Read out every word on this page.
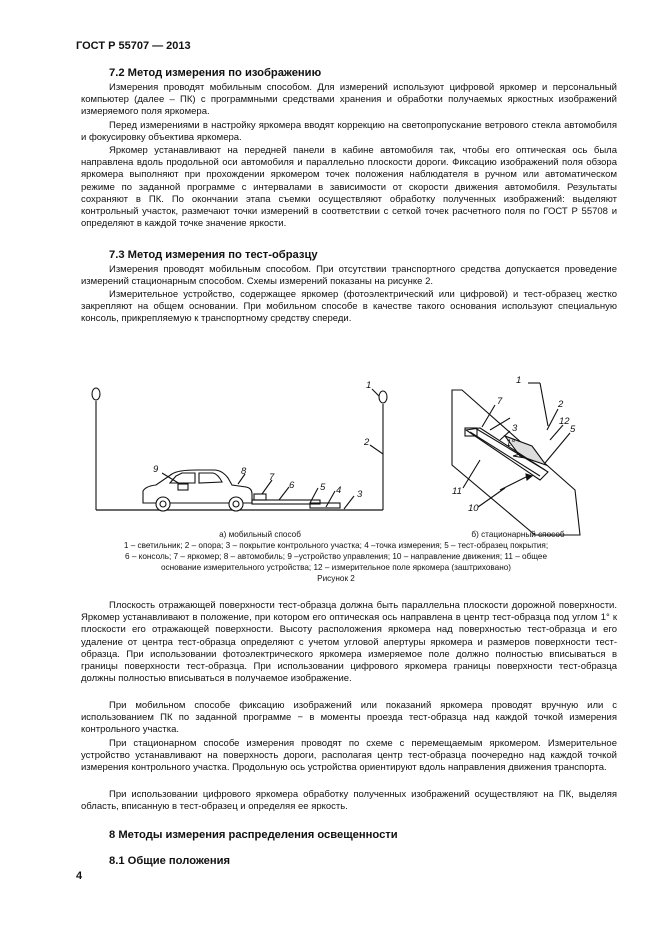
ГОСТ Р 55707 — 2013
7.2 Метод измерения по изображению

Измерения проводят мобильным способом. Для измерений используют цифровой яркомер и персональный компьютер (далее – ПК) с программными средствами хранения и обработки получаемых яркостных изображений измеряемого поля яркомера.

Перед измерениями в настройку яркомера вводят коррекцию на светопропускание ветрового стекла автомобиля и фокусировку объектива яркомера.

Яркомер устанавливают на передней панели в кабине автомобиля так, чтобы его оптическая ось была направлена вдоль продольной оси автомобиля и параллельно плоскости дороги. Фиксацию изображений поля обзора яркомера выполняют при прохождении яркомером точек положения наблюдателя в ручном или автоматическом режиме по заданной программе с интервалами в зависимости от скорости движения автомобиля. Результаты сохраняют в ПК. По окончании этапа съемки осуществляют обработку полученных изображений: выделяют контрольный участок, размечают точки измерений в соответствии с сеткой точек расчетного поля по ГОСТ Р 55708 и определяют в каждой точке значение яркости.

7.3 Метод измерения по тест-образцу

Измерения проводят мобильным способом. При отсутствии транспортного средства допускается проведение измерений стационарным способом. Схемы измерений показаны на рисунке 2.

Измерительное устройство, содержащее яркомер (фотоэлектрический или цифровой) и тест-образец жестко закрепляют на общем основании. При мобильном способе в качестве такого основания используют специальную консоль, прикрепляемую к транспортному средству спереди.

1
2
3
4
5
6
7
8
9
1
2
3	5
7
10
11
12
1°
а) мобильный способ	б) стационарный способ
1 – светильник; 2 – опора; 3 – покрытие контрольного участка; 4 –точка измерения; 5 – тест-образец покрытия;
6 – консоль; 7 – яркомер; 8 – автомобиль; 9 –устройство управления; 10 – направление движения; 11 – общее
основание измерительного устройства; 12 – измерительное поле яркомера (заштриховано)
Рисунок 2

Плоскость отражающей поверхности тест-образца должна быть параллельна плоскости дорожной поверхности. Яркомер устанавливают в положение, при котором его оптическая ось направлена в центр тест-образца под углом 1° к плоскости его отражающей поверхности. Высоту расположения яркомера над поверхностью тест-образца и его удаление от центра тест-образца определяют с учетом угловой апертуры яркомера и размеров поверхности тест-образца. При использовании фотоэлектрического яркомера измеряемое поле должно полностью вписываться в границы поверхности тест-образца. При использовании цифрового яркомера границы поверхности тест-образца должны полностью вписываться в получаемое изображение.

При мобильном способе фиксацию изображений или показаний яркомера проводят вручную или с использованием ПК по заданной программе − в моменты проезда тест-образца над каждой точкой измерения контрольного участка.

При стационарном способе измерения проводят по схеме с перемещаемым яркомером. Измерительное устройство устанавливают на поверхность дороги, располагая центр тест-образца поочередно над каждой точкой измерения контрольного участка. Продольную ось устройства ориентируют вдоль направления движения транспорта.

При использовании цифрового яркомера обработку полученных изображений осуществляют на ПК, выделяя область, вписанную в тест-образец и определяя ее яркость.

8 Методы измерения распределения освещенности
8.1 Общие положения
4
